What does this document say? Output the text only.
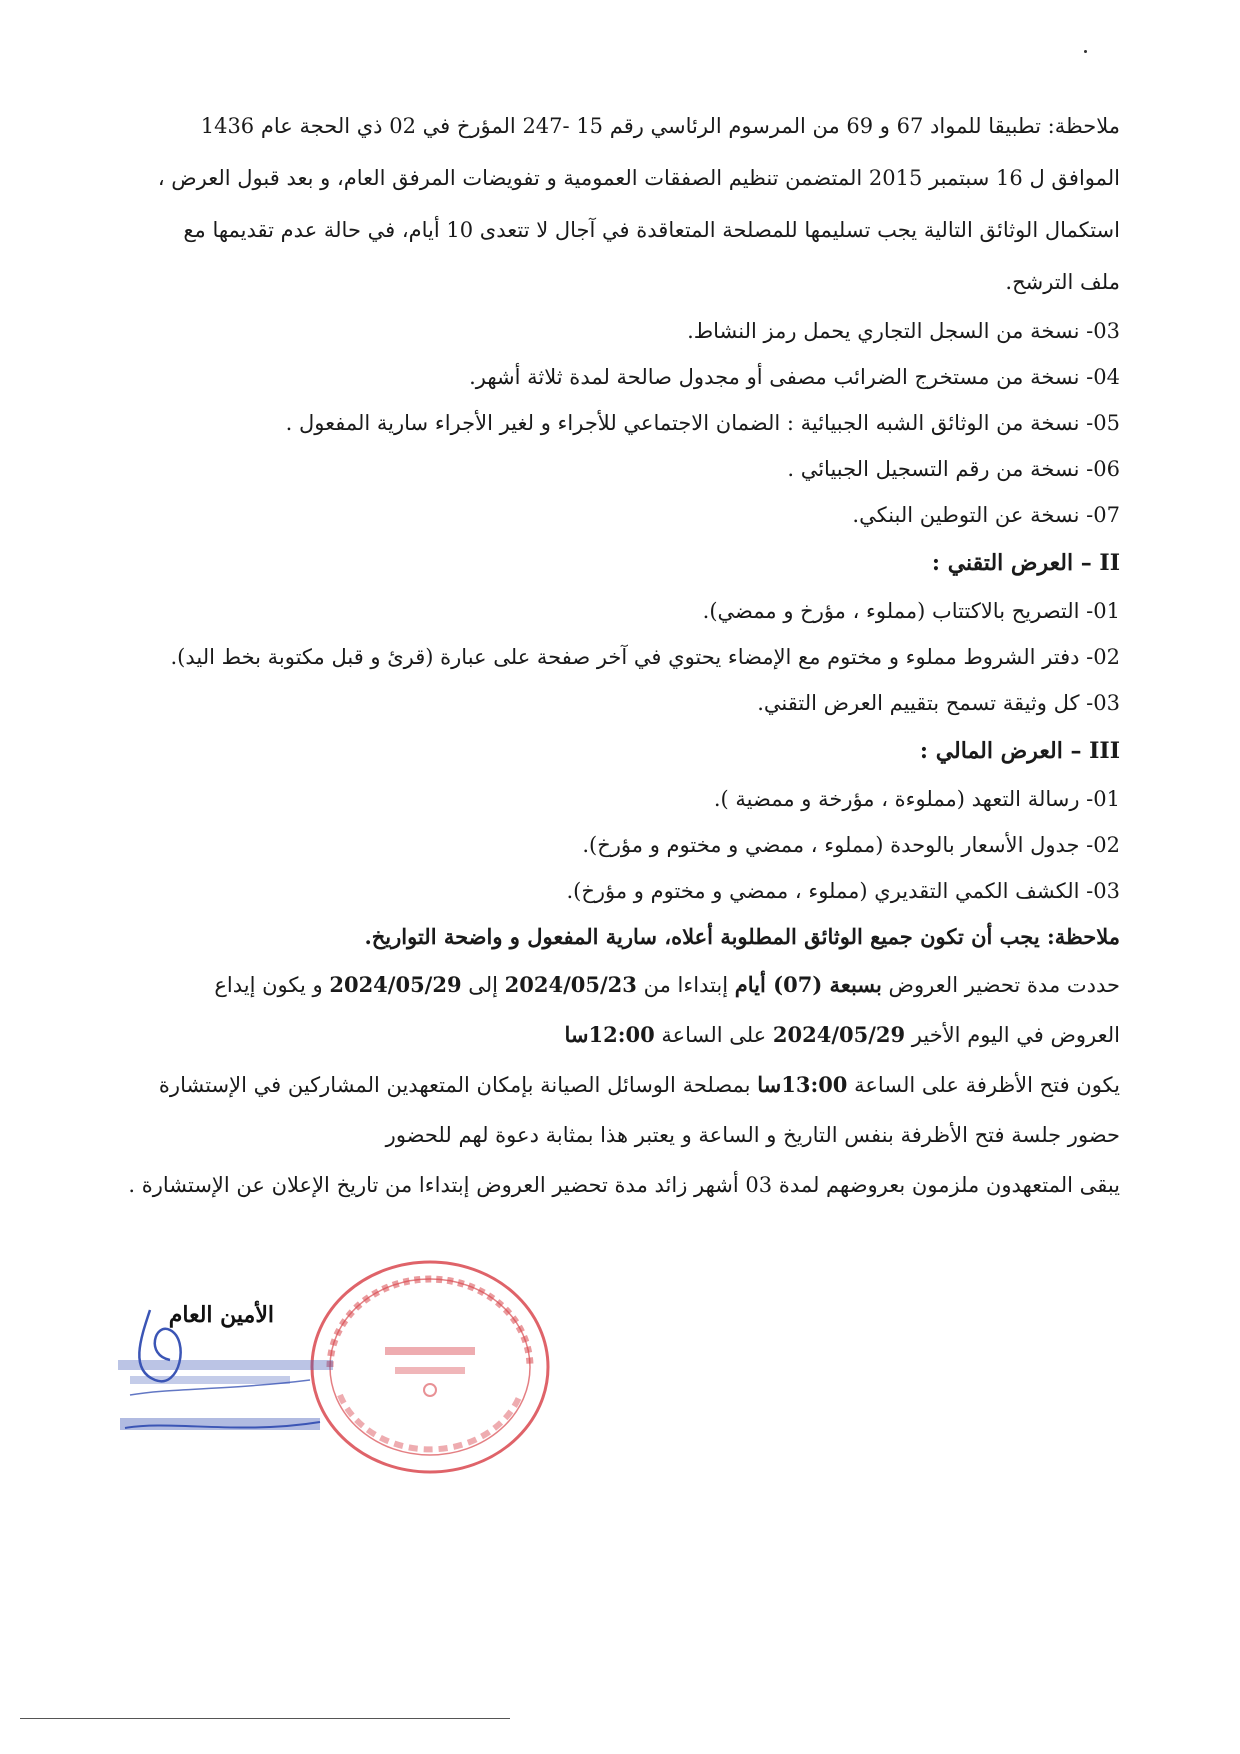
ملاحظة: تطبيقا للمواد 67 و 69 من المرسوم الرئاسي رقم 15 -247 المؤرخ في 02 ذي الحجة عام 1436

الموافق ل 16 سبتمبر 2015 المتضمن تنظيم الصفقات العمومية و تفويضات المرفق العام، و بعد قبول العرض ،

استكمال الوثائق التالية يجب تسليمها للمصلحة المتعاقدة في آجال لا تتعدى 10 أيام، في حالة عدم تقديمها مع

ملف الترشح.

03- نسخة من السجل التجاري يحمل رمز النشاط.

04- نسخة من مستخرج الضرائب مصفى أو مجدول صالحة لمدة ثلاثة أشهر.

05- نسخة من الوثائق الشبه الجبيائية : الضمان الاجتماعي للأجراء و لغير الأجراء سارية المفعول .

06- نسخة من رقم التسجيل الجبيائي .

07- نسخة عن التوطين البنكي.

II – العرض التقني :

01- التصريح بالاكتتاب (مملوء ، مؤرخ و ممضي).

02- دفتر الشروط مملوء و مختوم مع الإمضاء يحتوي في آخر صفحة على عبارة (قرئ و قبل مكتوبة بخط اليد).

03- كل وثيقة تسمح بتقييم العرض التقني.

III – العرض المالي :

01- رسالة التعهد (مملوءة ، مؤرخة و ممضية ).

02- جدول الأسعار بالوحدة (مملوء ، ممضي و مختوم و مؤرخ).

03- الكشف الكمي التقديري (مملوء ، ممضي و مختوم و مؤرخ).

ملاحظة: يجب أن تكون جميع الوثائق المطلوبة أعلاه، سارية المفعول و واضحة التواريخ.

حددت مدة تحضير العروض بسبعة (07) أيام إبتداءا من 2024/05/23 إلى 2024/05/29 و يكون إيداع

العروض في اليوم الأخير 2024/05/29 على الساعة 12:00سا

يكون فتح الأظرفة على الساعة 13:00سا بمصلحة الوسائل الصيانة بإمكان المتعهدين المشاركين في الإستشارة

حضور جلسة فتح الأظرفة بنفس التاريخ و الساعة و يعتبر هذا بمثابة دعوة لهم للحضور

يبقى المتعهدون ملزمون بعروضهم لمدة 03 أشهر زائد مدة تحضير العروض إبتداءا من تاريخ الإعلان عن الإستشارة .

الأمين العام
